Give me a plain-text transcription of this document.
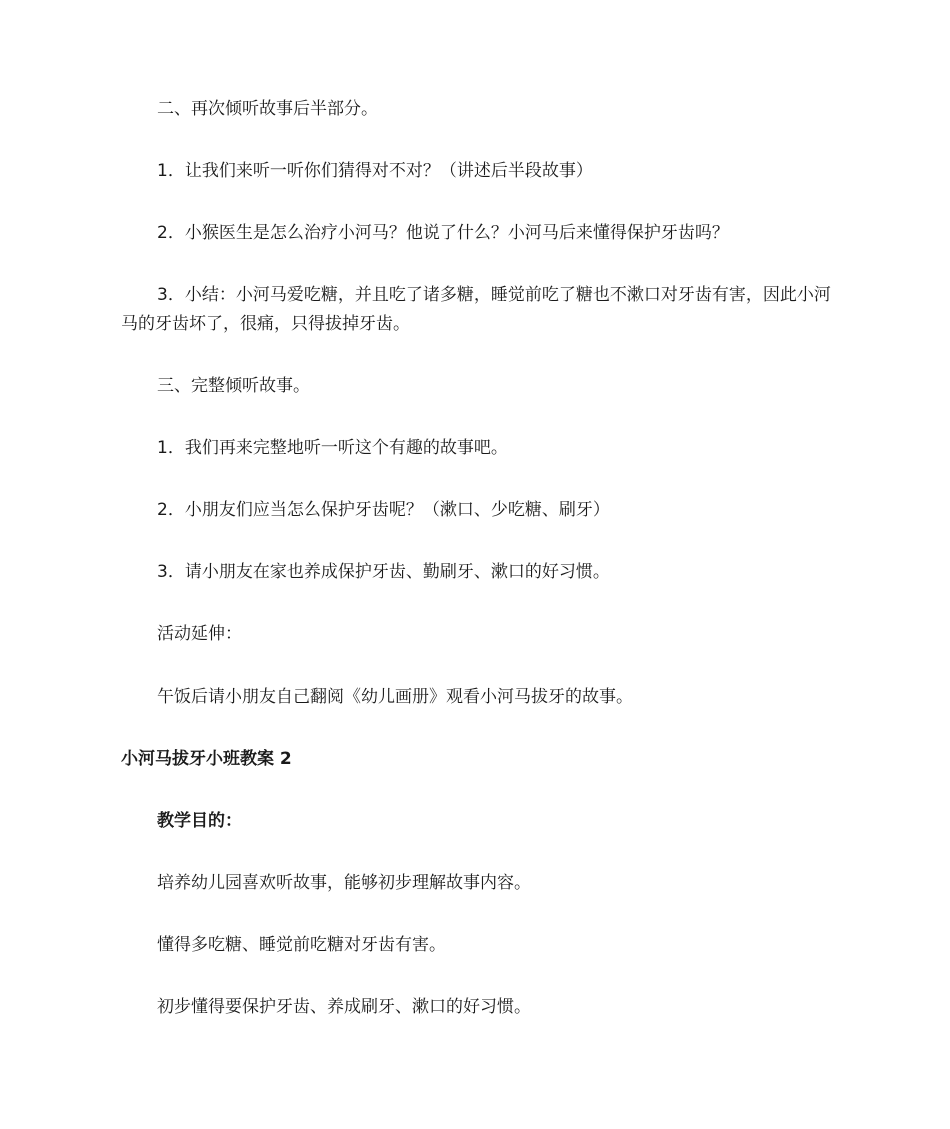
二、再次倾听故事后半部分。
1．让我们来听一听你们猜得对不对？（讲述后半段故事）
2．小猴医生是怎么治疗小河马？他说了什么？小河马后来懂得保护牙齿吗？
3．小结：小河马爱吃糖，并且吃了诸多糖，睡觉前吃了糖也不漱口对牙齿有害，因此小河马的牙齿坏了，很痛，只得拔掉牙齿。
三、完整倾听故事。
1．我们再来完整地听一听这个有趣的故事吧。
2．小朋友们应当怎么保护牙齿呢？（漱口、少吃糖、刷牙）
3．请小朋友在家也养成保护牙齿、勤刷牙、漱口的好习惯。
活动延伸：
午饭后请小朋友自己翻阅《幼儿画册》观看小河马拔牙的故事。
小河马拔牙小班教案 2
教学目的：
培养幼儿园喜欢听故事，能够初步理解故事内容。
懂得多吃糖、睡觉前吃糖对牙齿有害。
初步懂得要保护牙齿、养成刷牙、漱口的好习惯。
